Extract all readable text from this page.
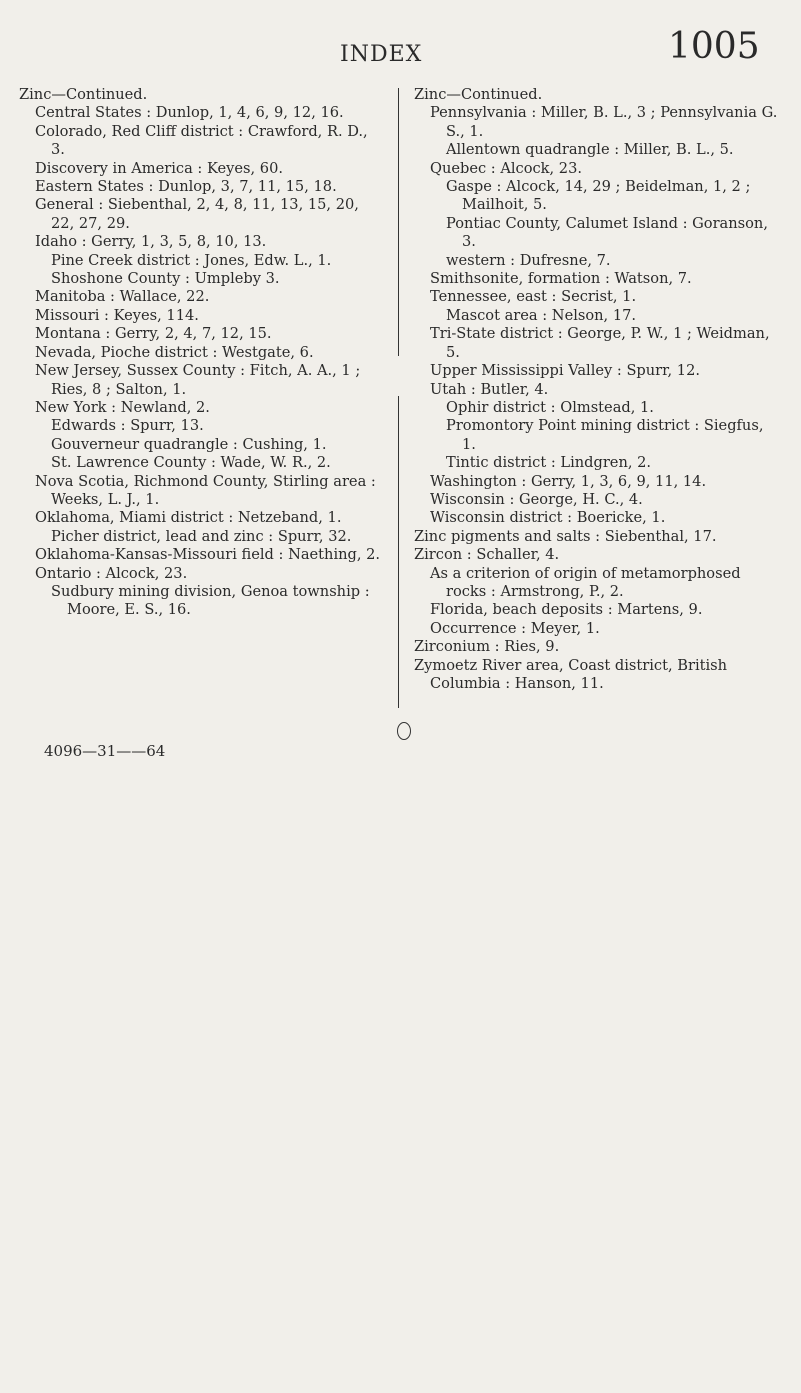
INDEX	1005

Zinc—Continued.

Central States : Dunlop, 1, 4, 6, 9, 12, 16.

Colorado, Red Cliff district : Crawford, R. D., 3.

Discovery in America : Keyes, 60.

Eastern States : Dunlop, 3, 7, 11, 15, 18.

General : Siebenthal, 2, 4, 8, 11, 13, 15, 20, 22, 27, 29.

Idaho : Gerry, 1, 3, 5, 8, 10, 13.

Pine Creek district : Jones, Edw. L., 1.

Shoshone County : Umpleby 3.

Manitoba : Wallace, 22.

Missouri : Keyes, 114.

Montana : Gerry, 2, 4, 7, 12, 15.

Nevada, Pioche district : Westgate, 6.

New Jersey, Sussex County : Fitch, A. A., 1 ; Ries, 8 ; Salton, 1.

New York : Newland, 2.

Edwards : Spurr, 13.

Gouverneur quadrangle : Cushing, 1.

St. Lawrence County : Wade, W. R., 2.

Nova Scotia, Richmond County, Stirling area : Weeks, L. J., 1.

Oklahoma, Miami district : Netzeband, 1.

Picher district, lead and zinc : Spurr, 32.

Oklahoma-Kansas-Missouri field : Naething, 2.

Ontario : Alcock, 23.

Sudbury mining division, Genoa township : Moore, E. S., 16.

Zinc—Continued.

Pennsylvania : Miller, B. L., 3 ; Pennsylvania G. S., 1.

Allentown quadrangle : Miller, B. L., 5.

Quebec : Alcock, 23.

Gaspe : Alcock, 14, 29 ; Beidelman, 1, 2 ; Mailhoit, 5.

Pontiac County, Calumet Island : Goranson, 3.

western : Dufresne, 7.

Smithsonite, formation : Watson, 7.

Tennessee, east : Secrist, 1.

Mascot area : Nelson, 17.

Tri-State district : George, P. W., 1 ; Weidman, 5.

Upper Mississippi Valley : Spurr, 12.

Utah : Butler, 4.

Ophir district : Olmstead, 1.

Promontory Point mining district : Siegfus, 1.

Tintic district : Lindgren, 2.

Washington : Gerry, 1, 3, 6, 9, 11, 14.

Wisconsin : George, H. C., 4.

Wisconsin district : Boericke, 1.

Zinc pigments and salts : Siebenthal, 17.

Zircon : Schaller, 4.

As a criterion of origin of metamorphosed rocks : Armstrong, P., 2.

Florida, beach deposits : Martens, 9.

Occurrence : Meyer, 1.

Zirconium : Ries, 9.

Zymoetz River area, Coast district, British Columbia : Hanson, 11.

4096—31——64
